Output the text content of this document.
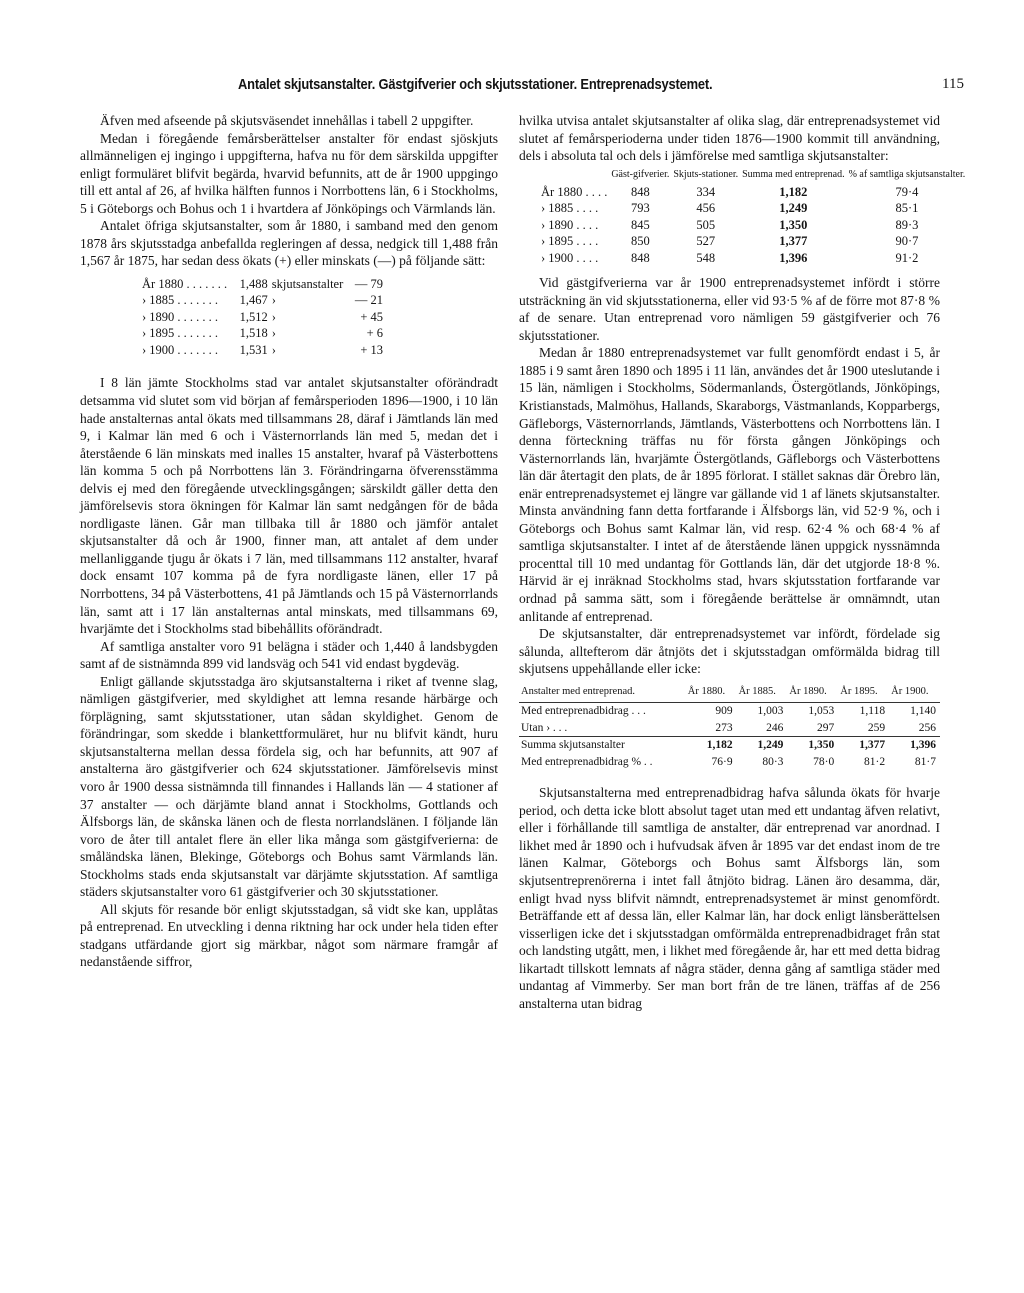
Antalet skjutsanstalter. Gästgifverier och skjutsstationer. Entreprenadsystemet.	115

Äfven med afseende på skjutsväsendet innehållas i tabell 2 uppgifter.

Medan i föregående femårsberättelser anstalter för endast sjöskjuts allmänneligen ej ingingo i uppgifterna, hafva nu för dem särskilda uppgifter enligt formuläret blifvit begärda, hvarvid befunnits, att de år 1900 uppgingo till ett antal af 26, af hvilka hälften funnos i Norrbottens län, 6 i Stockholms, 5 i Göteborgs och Bohus och 1 i hvartdera af Jönköpings och Värmlands län.

Antalet öfriga skjutsanstalter, som år 1880, i samband med den genom 1878 års skjutsstadga anbefallda regleringen af dessa, nedgick till 1,488 från 1,567 år 1875, har sedan dess ökats (+) eller minskats (—) på följande sätt:

År 1880 . . . . . . .	1,488	skjutsanstalter	— 79
› 1885 . . . . . . .	1,467	›	— 21
› 1890 . . . . . . .	1,512	›	+ 45
› 1895 . . . . . . .	1,518	›	+ 6
› 1900 . . . . . . .	1,531	›	+ 13

I 8 län jämte Stockholms stad var antalet skjutsanstalter oförändradt detsamma vid slutet som vid början af femårsperioden 1896—1900, i 10 län hade anstalternas antal ökats med tillsammans 28, däraf i Jämtlands län med 9, i Kalmar län med 6 och i Västernorrlands län med 5, medan det i återstående 6 län minskats med inalles 15 anstalter, hvaraf på Västerbottens län komma 5 och på Norrbottens län 3. Förändringarna öfverensstämma delvis ej med den föregående utvecklingsgången; särskildt gäller detta den jämförelsevis stora ökningen för Kalmar län samt nedgången för de båda nordligaste länen. Går man tillbaka till år 1880 och jämför antalet skjutsanstalter då och år 1900, finner man, att antalet af dem under mellanliggande tjugu år ökats i 7 län, med tillsammans 112 anstalter, hvaraf dock ensamt 107 komma på de fyra nordligaste länen, eller 17 på Norrbottens, 34 på Västerbottens, 41 på Jämtlands och 15 på Västernorrlands län, samt att i 17 län anstalternas antal minskats, med tillsammans 69, hvarjämte det i Stockholms stad bibehållits oförändradt.

Af samtliga anstalter voro 91 belägna i städer och 1,440 å landsbygden samt af de sistnämnda 899 vid landsväg och 541 vid endast bygdeväg.

Enligt gällande skjutsstadga äro skjutsanstalterna i riket af tvenne slag, nämligen gästgifverier, med skyldighet att lemna resande härbärge och förplägning, samt skjutsstationer, utan sådan skyldighet. Genom de förändringar, som skedde i blankettformuläret, hur nu blifvit kändt, huru skjutsanstalterna mellan dessa fördela sig, och har befunnits, att 907 af anstalterna äro gästgifverier och 624 skjutsstationer. Jämförelsevis minst voro år 1900 dessa sistnämnda till finnandes i Hallands län — 4 stationer af 37 anstalter — och därjämte bland annat i Stockholms, Gottlands och Älfsborgs län, de skånska länen och de flesta norrlandslänen. I följande län voro de åter till antalet flere än eller lika många som gästgifverierna: de småländska länen, Blekinge, Göteborgs och Bohus samt Värmlands län. Stockholms stads enda skjutsanstalt var därjämte skjutsstation. Af samtliga städers skjutsanstalter voro 61 gästgifverier och 30 skjutsstationer.

All skjuts för resande bör enligt skjutsstadgan, så vidt ske kan, upplåtas på entreprenad. En utveckling i denna riktning har ock under hela tiden efter stadgans utfärdande gjort sig märkbar, något som närmare framgår af nedanstående siffror,

hvilka utvisa antalet skjutsanstalter af olika slag, där entreprenadsystemet vid slutet af femårsperioderna under tiden 1876—1900 kommit till användning, dels i absoluta tal och dels i jämförelse med samtliga skjutsanstalter:

	Gäst-gifverier.	Skjuts-stationer.	Summa med entreprenad.	% af samtliga skjutsanstalter.
År 1880 . . . .	848	334	1,182	79·4
› 1885 . . . .	793	456	1,249	85·1
› 1890 . . . .	845	505	1,350	89·3
› 1895 . . . .	850	527	1,377	90·7
› 1900 . . . .	848	548	1,396	91·2

Vid gästgifverierna var år 1900 entreprenadsystemet infördt i större utsträckning än vid skjutsstationerna, eller vid 93·5 % af de förre mot 87·8 % af de senare. Utan entreprenad voro nämligen 59 gästgifverier och 76 skjutsstationer.

Medan år 1880 entreprenadsystemet var fullt genomfördt endast i 5, år 1885 i 9 samt åren 1890 och 1895 i 11 län, användes det år 1900 uteslutande i 15 län, nämligen i Stockholms, Södermanlands, Östergötlands, Jönköpings, Kristianstads, Malmöhus, Hallands, Skaraborgs, Västmanlands, Kopparbergs, Gäfleborgs, Västernorrlands, Jämtlands, Västerbottens och Norrbottens län. I denna förteckning träffas nu för första gången Jönköpings och Västernorrlands län, hvarjämte Östergötlands, Gäfleborgs och Västerbottens län där återtagit den plats, de år 1895 förlorat. I stället saknas där Örebro län, enär entreprenadsystemet ej längre var gällande vid 1 af länets skjutsanstalter. Minsta användning fann detta fortfarande i Älfsborgs län, vid 52·9 %, och i Göteborgs och Bohus samt Kalmar län, vid resp. 62·4 % och 68·4 % af samtliga skjutsanstalter. I intet af de återstående länen uppgick nyssnämnda procenttal till 10 med undantag för Gottlands län, där det utgjorde 18·8 %. Härvid är ej inräknad Stockholms stad, hvars skjutsstation fortfarande var ordnad på samma sätt, som i föregående berättelse är omnämndt, utan anlitande af entreprenad.

De skjutsanstalter, där entreprenadsystemet var infördt, fördelade sig sålunda, alltefterom där åtnjöts det i skjutsstadgan omförmälda bidrag till skjutsens uppehållande eller icke:

Anstalter med entreprenad.	År 1880.	År 1885.	År 1890.	År 1895.	År 1900.
Med entreprenadbidrag . . .	909	1,003	1,053	1,118	1,140
Utan › . . .	273	246	297	259	256
Summa skjutsanstalter	1,182	1,249	1,350	1,377	1,396
Med entreprenadbidrag % . .	76·9	80·3	78·0	81·2	81·7

Skjutsanstalterna med entreprenadbidrag hafva sålunda ökats för hvarje period, och detta icke blott absolut taget utan med ett undantag äfven relativt, eller i förhållande till samtliga de anstalter, där entreprenad var anordnad. I likhet med år 1890 och i hufvudsak äfven år 1895 var det endast inom de tre länen Kalmar, Göteborgs och Bohus samt Älfsborgs län, som skjutsentreprenörerna i intet fall åtnjöto bidrag. Länen äro desamma, där, enligt hvad nyss blifvit nämndt, entreprenadsystemet är minst genomfördt. Beträffande ett af dessa län, eller Kalmar län, har dock enligt länsberättelsen visserligen icke det i skjutsstadgan omförmälda entreprenadbidraget från stat och landsting utgått, men, i likhet med föregående år, har ett med detta bidrag likartadt tillskott lemnats af några städer, denna gång af samtliga städer med undantag af Vimmerby. Ser man bort från de tre länen, träffas af de 256 anstalterna utan bidrag
